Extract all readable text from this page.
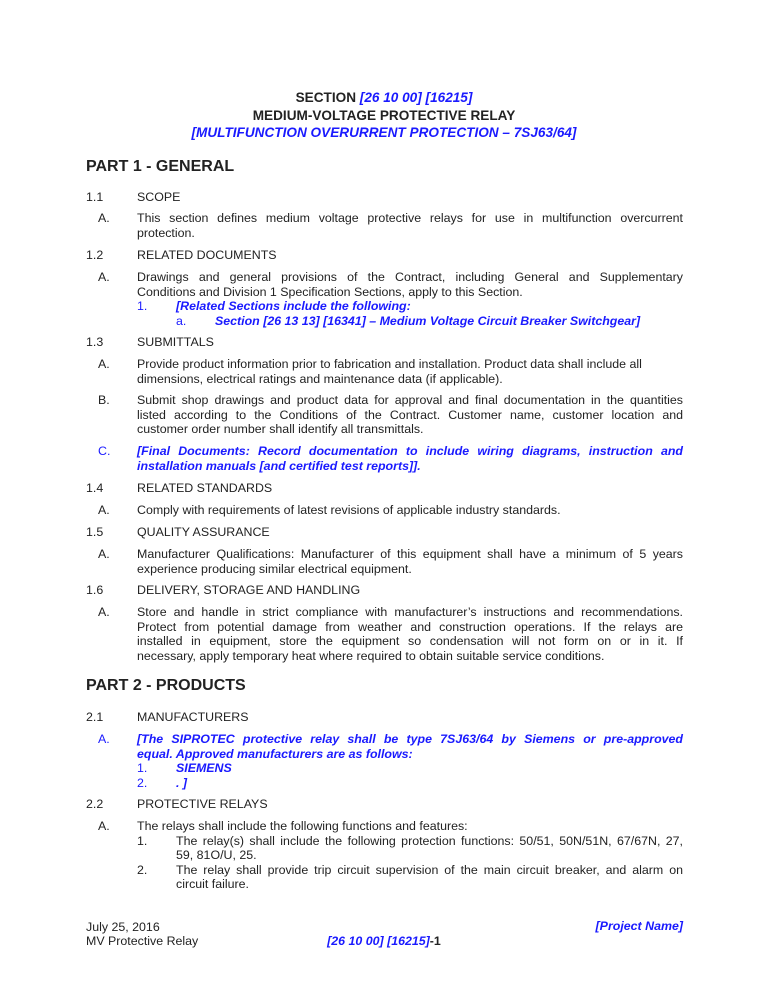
SECTION [26 10 00] [16215]
MEDIUM-VOLTAGE PROTECTIVE RELAY
[MULTIFUNCTION OVERURRENT PROTECTION – 7SJ63/64]
PART 1 - GENERAL
1.1	SCOPE
A. This section defines medium voltage protective relays for use in multifunction overcurrent
protection.
1.2	RELATED DOCUMENTS
A. Drawings and general provisions of the Contract, including General and Supplementary
Conditions and Division 1 Specification Sections, apply to this Section.
1. [Related Sections include the following:
a. Section [26 13 13] [16341] – Medium Voltage Circuit Breaker Switchgear]
1.3	SUBMITTALS
A. Provide product information prior to fabrication and installation. Product data shall include all
dimensions, electrical ratings and maintenance data (if applicable).
B. Submit shop drawings and product data for approval and final documentation in the quantities
listed according to the Conditions of the Contract. Customer name, customer location and
customer order number shall identify all transmittals.
C. [Final Documents: Record documentation to include wiring diagrams, instruction and
installation manuals [and certified test reports]].
1.4	RELATED STANDARDS
A. Comply with requirements of latest revisions of applicable industry standards.
1.5	QUALITY ASSURANCE
A. Manufacturer Qualifications: Manufacturer of this equipment shall have a minimum of 5 years
experience producing similar electrical equipment.
1.6	DELIVERY, STORAGE AND HANDLING
A. Store and handle in strict compliance with manufacturer’s instructions and recommendations.
Protect from potential damage from weather and construction operations. If the relays are
installed in equipment, store the equipment so condensation will not form on or in it. If
necessary, apply temporary heat where required to obtain suitable service conditions.
PART 2 - PRODUCTS
2.1	MANUFACTURERS
A. [The SIPROTEC protective relay shall be type 7SJ63/64 by Siemens or pre-approved
equal. Approved manufacturers are as follows:
1. SIEMENS
2. . ]
2.2	PROTECTIVE RELAYS
A. The relays shall include the following functions and features:
1. The relay(s) shall include the following protection functions: 50/51, 50N/51N, 67/67N, 27,
59, 81O/U, 25.
2. The relay shall provide trip circuit supervision of the main circuit breaker, and alarm on
circuit failure.
July 25, 2016
MV Protective Relay
[Project Name]
[26 10 00] [16215]-1
